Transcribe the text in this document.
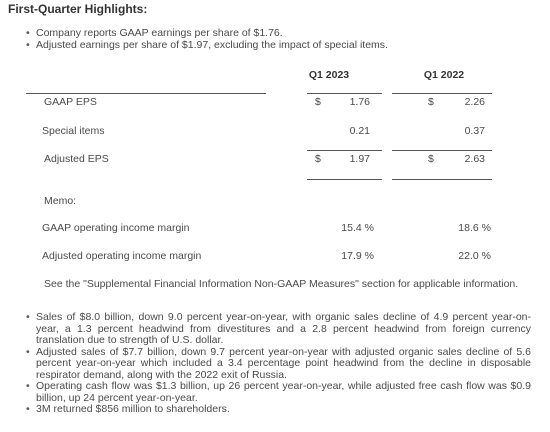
First-Quarter Highlights:
• Company reports GAAP earnings per share of $1.76.
• Adjusted earnings per share of $1.97, excluding the impact of special items.
Q1 2023	Q1 2022
GAAP EPS	$	1.76	$	2.26
Special items	0.21	0.37
Adjusted EPS	$	1.97	$	2.63
Memo:
GAAP operating income margin	15.4 %	18.6 %
Adjusted operating income margin	17.9 %	22.0 %
See the "Supplemental Financial Information Non-GAAP Measures" section for applicable information.
• Sales of $8.0 billion, down 9.0 percent year-on-year, with organic sales decline of 4.9 percent year-on-year, a 1.3 percent headwind from divestitures and a 2.8 percent headwind from foreign currency translation due to strength of U.S. dollar.
• Adjusted sales of $7.7 billion, down 9.7 percent year-on-year with adjusted organic sales decline of 5.6 percent year-on-year which included a 3.4 percentage point headwind from the decline in disposable respirator demand, along with the 2022 exit of Russia.
• Operating cash flow was $1.3 billion, up 26 percent year-on-year, while adjusted free cash flow was $0.9 billion, up 24 percent year-on-year.
• 3M returned $856 million to shareholders.
